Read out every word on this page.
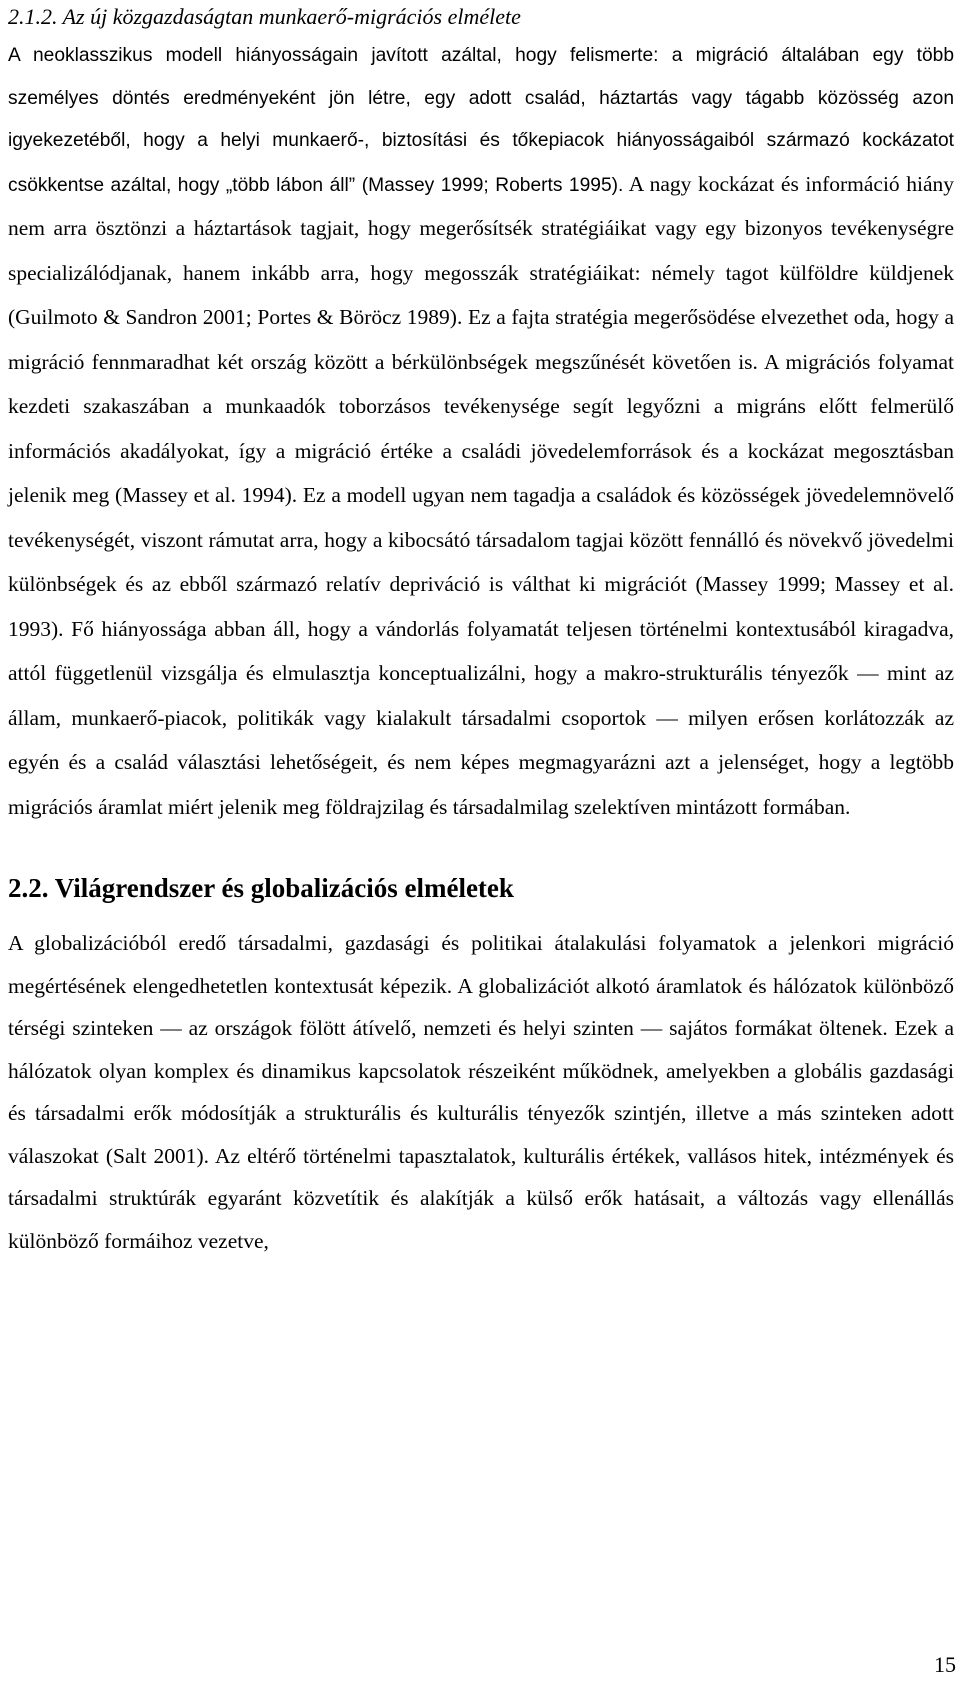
2.1.2. Az új közgazdaságtan munkaerő-migrációs elmélete

A neoklasszikus modell hiányosságain javított azáltal, hogy felismerte: a migráció általában egy több személyes döntés eredményeként jön létre, egy adott család, háztartás vagy tágabb közösség azon igyekezetéből, hogy a helyi munkaerő-, biztosítási és tőkepiacok hiányosságaiból származó kockázatot csökkentse azáltal, hogy „több lábon áll” (Massey 1999; Roberts 1995). A nagy kockázat és információ hiány nem arra ösztönzi a háztartások tagjait, hogy megerősítsék stratégiáikat vagy egy bizonyos tevékenységre specializálódjanak, hanem inkább arra, hogy megosszák stratégiáikat: némely tagot külföldre küldjenek (Guilmoto & Sandron 2001; Portes & Böröcz 1989). Ez a fajta stratégia megerősödése elvezethet oda, hogy a migráció fennmaradhat két ország között a bérkülönbségek megszűnését követően is. A migrációs folyamat kezdeti szakaszában a munkaadók toborzásos tevékenysége segít legyőzni a migráns előtt felmerülő információs akadályokat, így a migráció értéke a családi jövedelemforrások és a kockázat megosztásban jelenik meg (Massey et al. 1994). Ez a modell ugyan nem tagadja a családok és közösségek jövedelemnövelő tevékenységét, viszont rámutat arra, hogy a kibocsátó társadalom tagjai között fennálló és növekvő jövedelmi különbségek és az ebből származó relatív depriváció is válthat ki migrációt (Massey 1999; Massey et al. 1993). Fő hiányossága abban áll, hogy a vándorlás folyamatát teljesen történelmi kontextusából kiragadva, attól függetlenül vizsgálja és elmulasztja konceptualizálni, hogy a makro-strukturális tényezők — mint az állam, munkaerő-piacok, politikák vagy kialakult társadalmi csoportok — milyen erősen korlátozzák az egyén és a család választási lehetőségeit, és nem képes megmagyarázni azt a jelenséget, hogy a legtöbb migrációs áramlat miért jelenik meg földrajzilag és társadalmilag szelektíven mintázott formában.

2.2. Világrendszer és globalizációs elméletek

A globalizációból eredő társadalmi, gazdasági és politikai átalakulási folyamatok a jelenkori migráció megértésének elengedhetetlen kontextusát képezik. A globalizációt alkotó áramlatok és hálózatok különböző térségi szinteken — az országok fölött átívelő, nemzeti és helyi szinten — sajátos formákat öltenek. Ezek a hálózatok olyan komplex és dinamikus kapcsolatok részeiként működnek, amelyekben a globális gazdasági és társadalmi erők módosítják a strukturális és kulturális tényezők szintjén, illetve a más szinteken adott válaszokat (Salt 2001). Az eltérő történelmi tapasztalatok, kulturális értékek, vallásos hitek, intézmények és társadalmi struktúrák egyaránt közvetítik és alakítják a külső erők hatásait, a változás vagy ellenállás különböző formáihoz vezetve,

15
